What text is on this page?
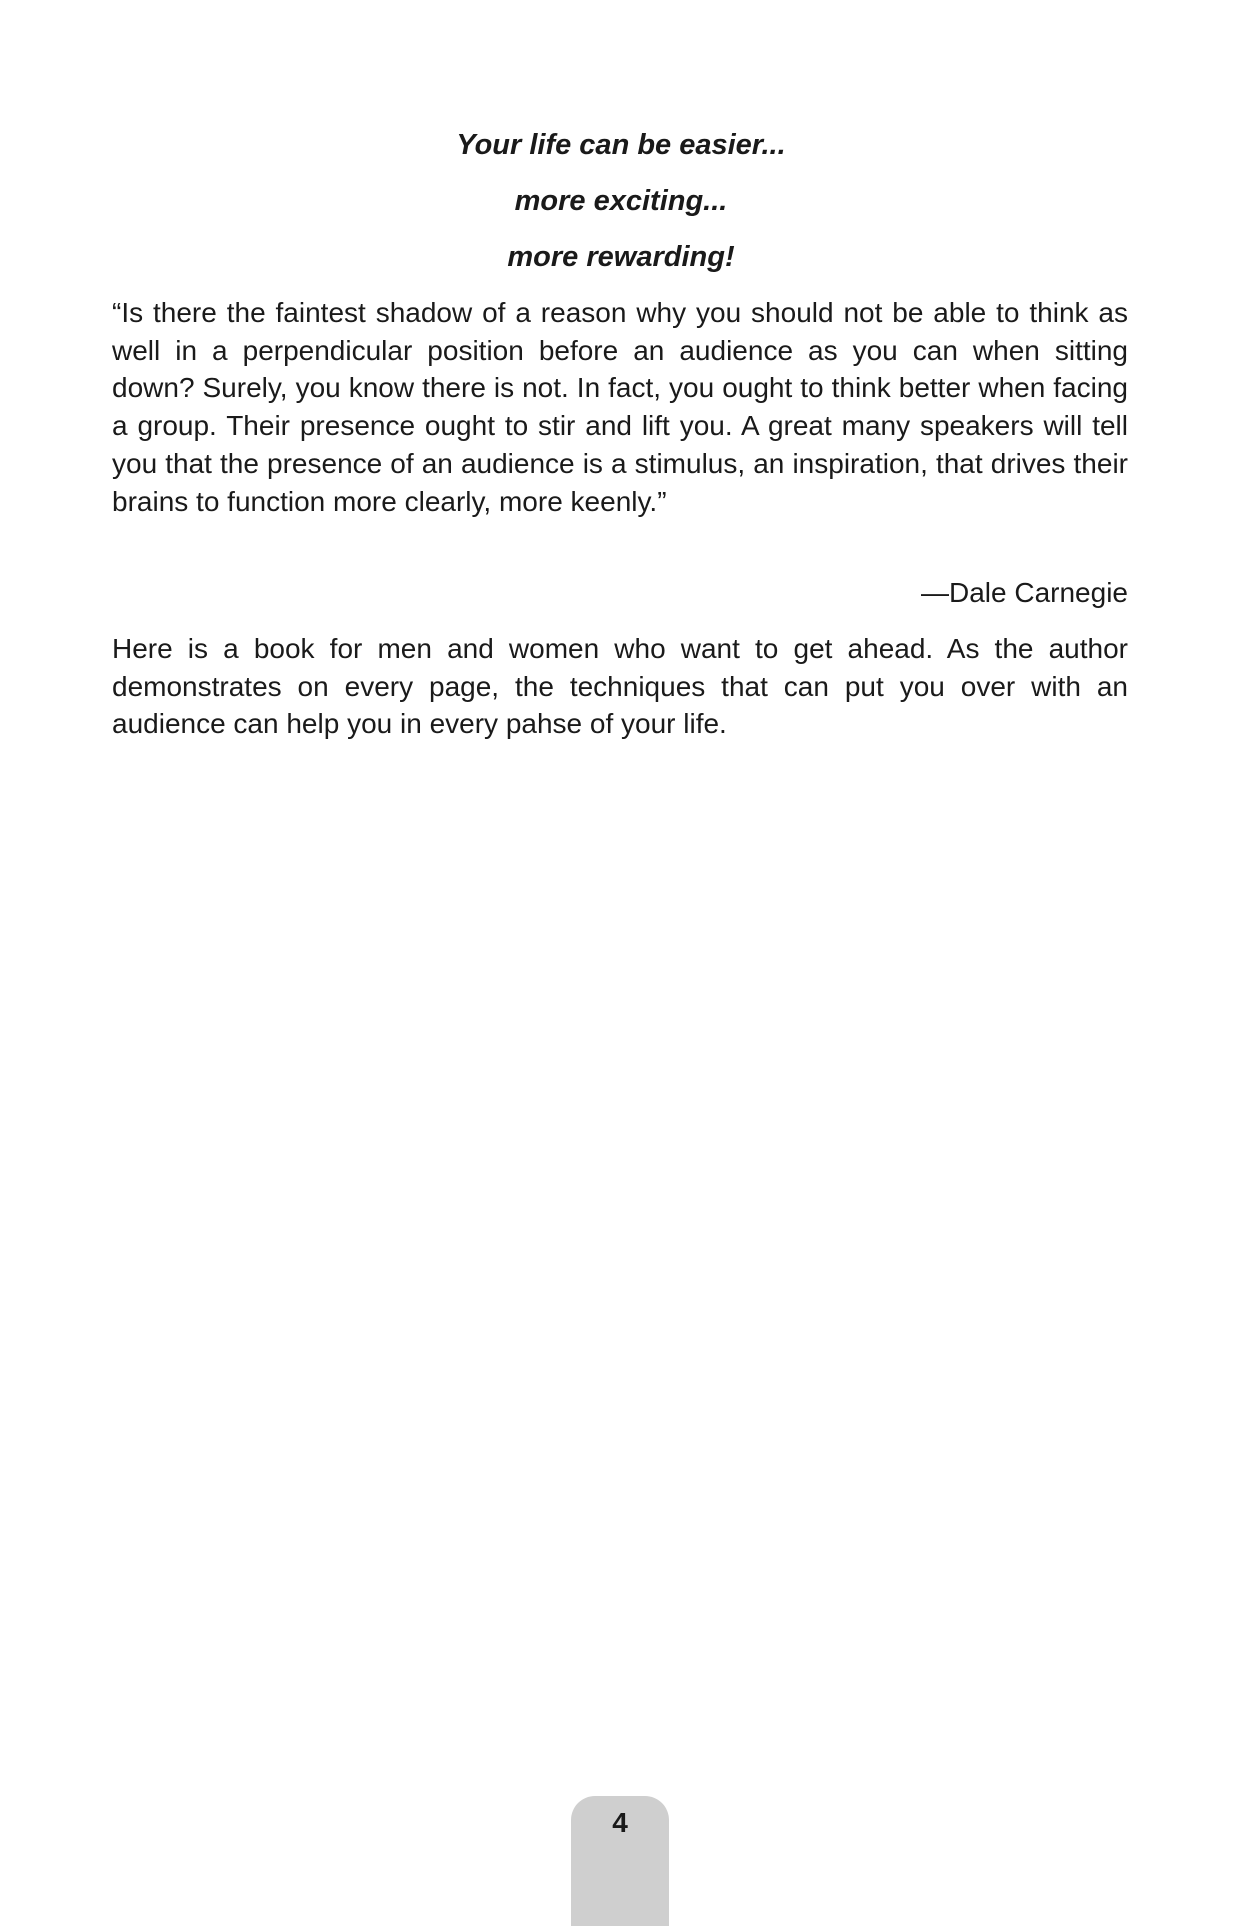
Your life can be easier...

more exciting...

more rewarding!

“Is there the faintest shadow of a reason why you should not be able to think as well in a perpendicular position before an audience as you can when sitting down? Surely, you know there is not. In fact, you ought to think better when facing a group. Their presence ought to stir and lift you. A great many speakers will tell you that the presence of an audience is a stimulus, an inspiration, that drives their brains to function more clearly, more keenly.”

—Dale Carnegie

Here is a book for men and women who want to get ahead. As the author demonstrates on every page, the techniques that can put you over with an audience can help you in every pahse of your life.

4
